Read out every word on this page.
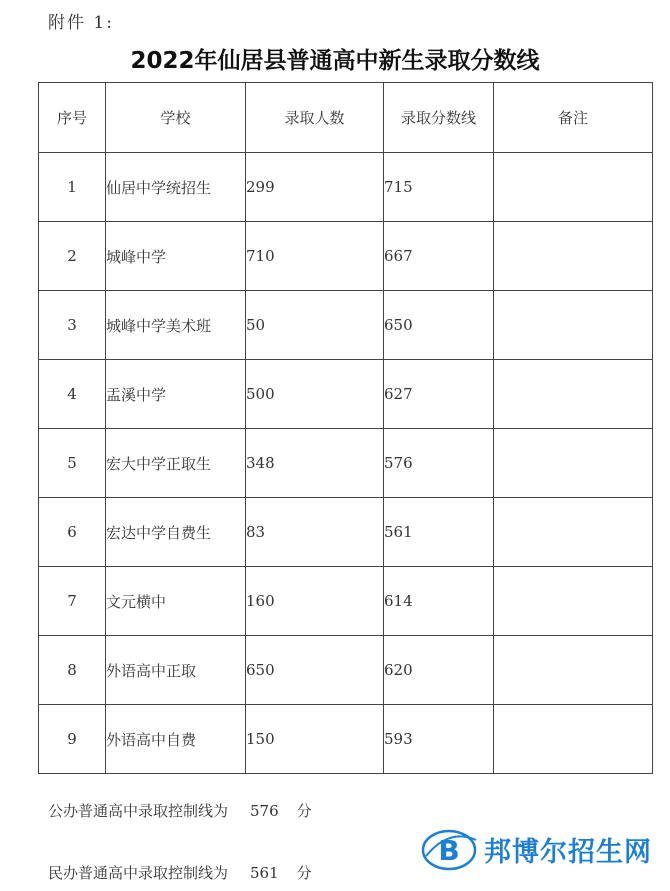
附件 1:
2022年仙居县普通高中新生录取分数线
序号	学校	录取人数	录取分数线	备注
1	仙居中学统招生	299	715	
2	城峰中学	710	667	
3	城峰中学美术班	50	650	
4	盂溪中学	500	627	
5	宏大中学正取生	348	576	
6	宏达中学自费生	83	561	
7	文元横中	160	614	
8	外语高中正取	650	620	
9	外语高中自费	150	593	
公办普通高中录取控制线为 576 分
民办普通高中录取控制线为 561 分
B 邦博尔招生网
